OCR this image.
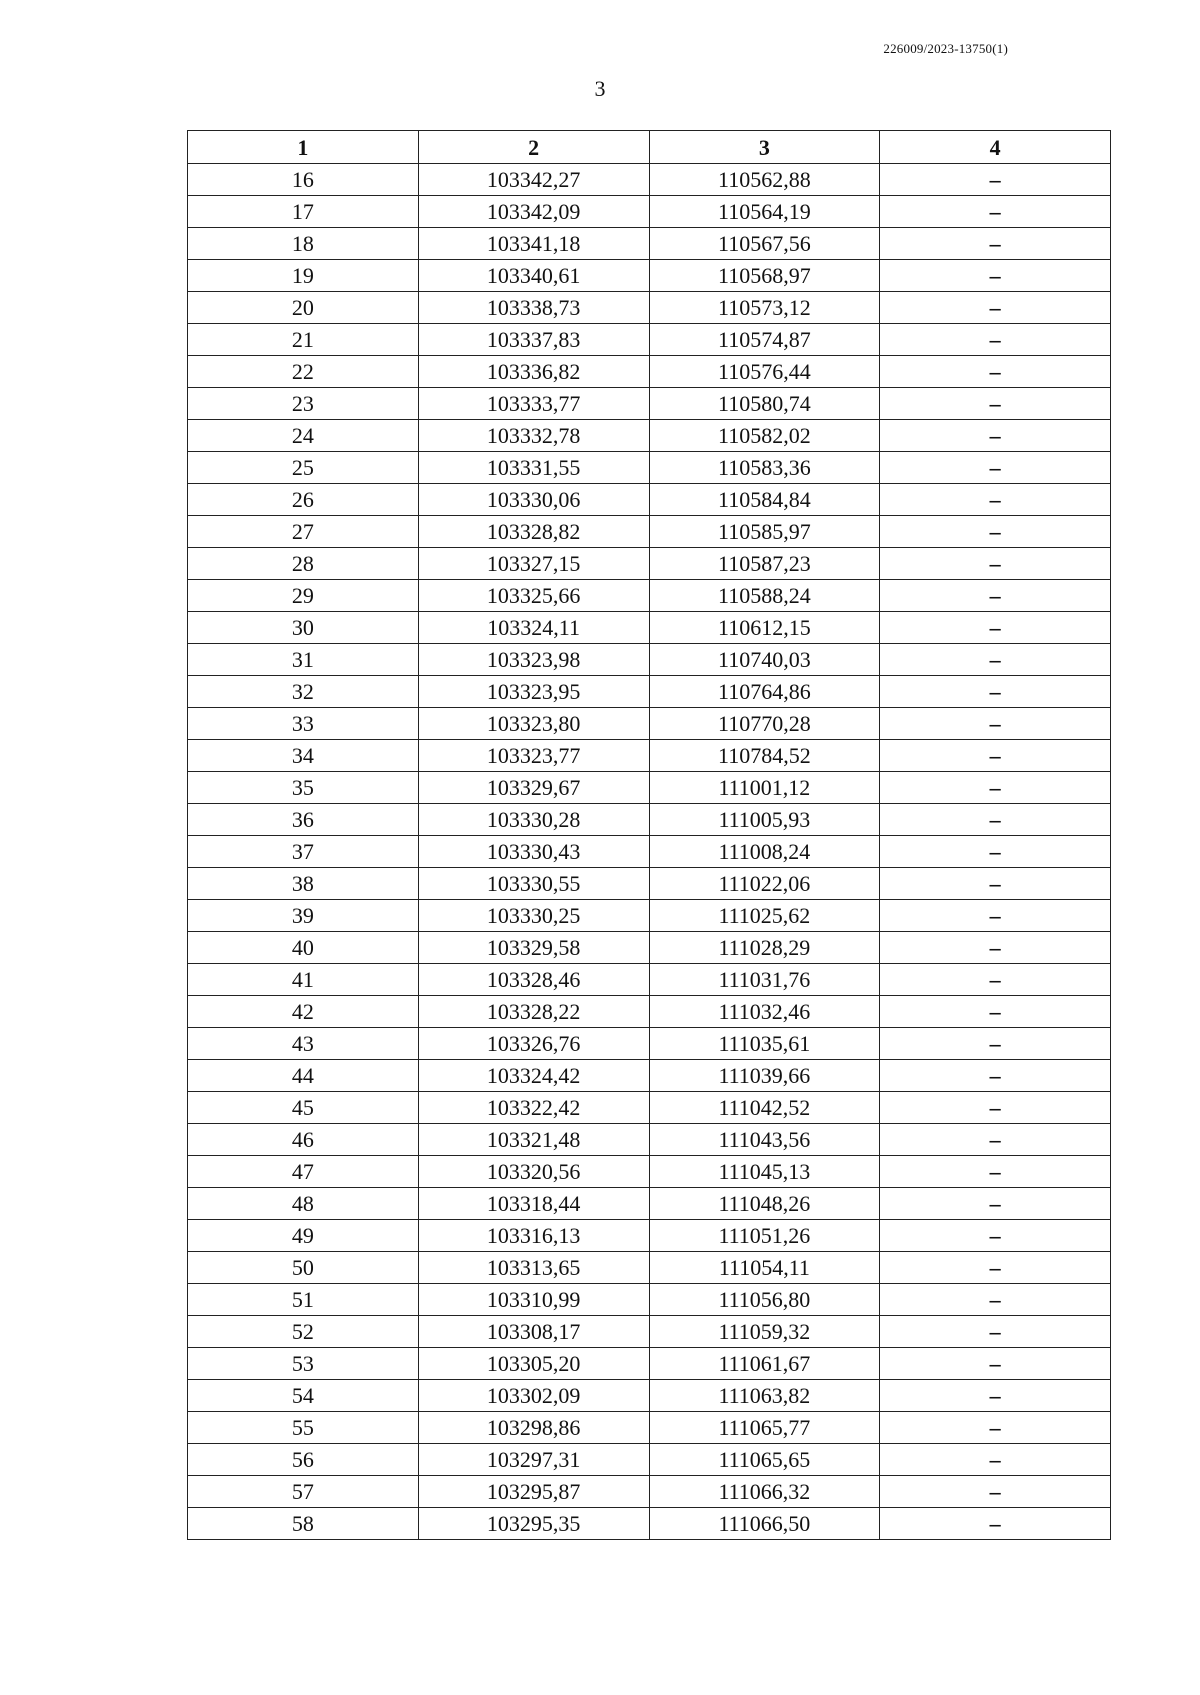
226009/2023-13750(1)
3
1	2	3	4
16	103342,27	110562,88	–
17	103342,09	110564,19	–
18	103341,18	110567,56	–
19	103340,61	110568,97	–
20	103338,73	110573,12	–
21	103337,83	110574,87	–
22	103336,82	110576,44	–
23	103333,77	110580,74	–
24	103332,78	110582,02	–
25	103331,55	110583,36	–
26	103330,06	110584,84	–
27	103328,82	110585,97	–
28	103327,15	110587,23	–
29	103325,66	110588,24	–
30	103324,11	110612,15	–
31	103323,98	110740,03	–
32	103323,95	110764,86	–
33	103323,80	110770,28	–
34	103323,77	110784,52	–
35	103329,67	111001,12	–
36	103330,28	111005,93	–
37	103330,43	111008,24	–
38	103330,55	111022,06	–
39	103330,25	111025,62	–
40	103329,58	111028,29	–
41	103328,46	111031,76	–
42	103328,22	111032,46	–
43	103326,76	111035,61	–
44	103324,42	111039,66	–
45	103322,42	111042,52	–
46	103321,48	111043,56	–
47	103320,56	111045,13	–
48	103318,44	111048,26	–
49	103316,13	111051,26	–
50	103313,65	111054,11	–
51	103310,99	111056,80	–
52	103308,17	111059,32	–
53	103305,20	111061,67	–
54	103302,09	111063,82	–
55	103298,86	111065,77	–
56	103297,31	111065,65	–
57	103295,87	111066,32	–
58	103295,35	111066,50	–
